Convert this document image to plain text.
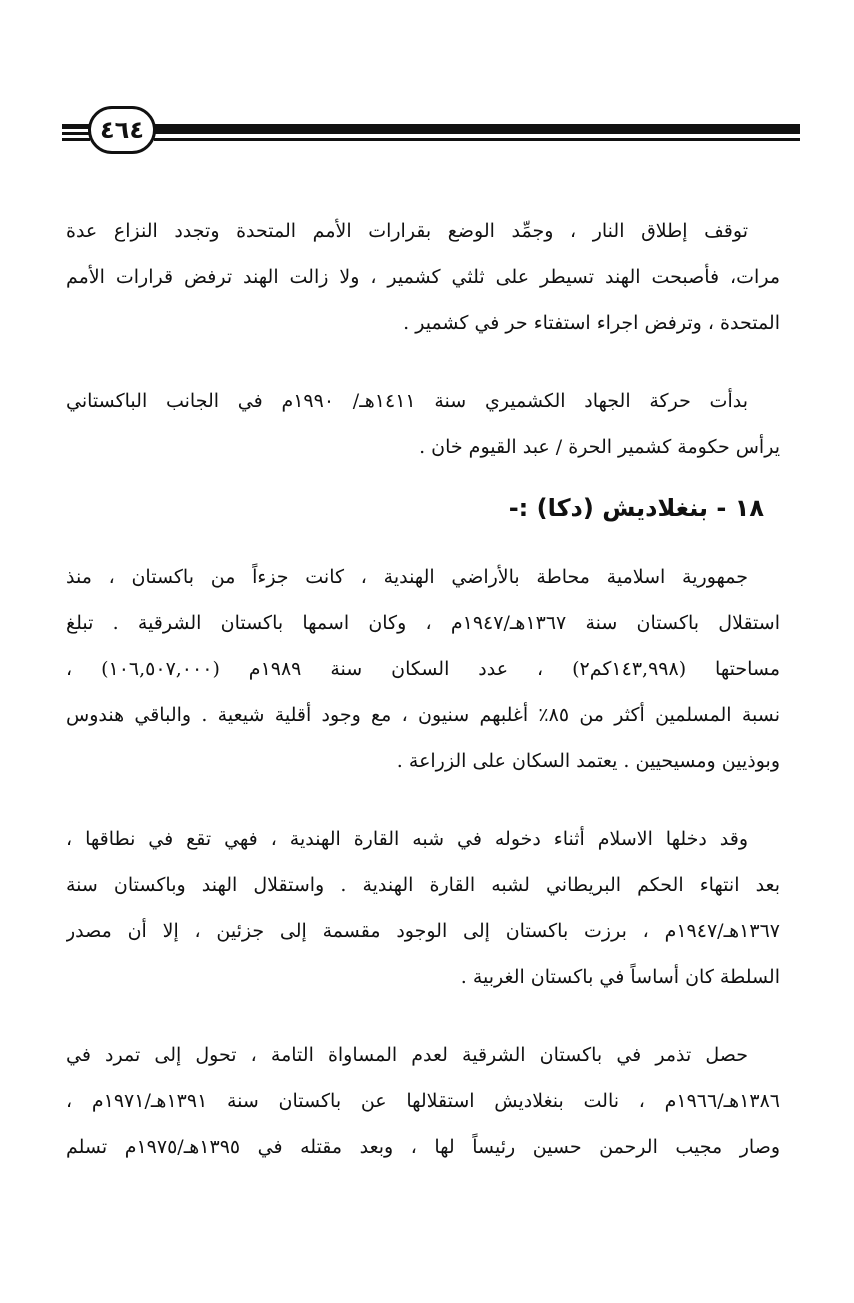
٤٦٤
توقف إطلاق النار ، وجمِّد الوضع بقرارات الأمم المتحدة وتجدد النزاع عدة
مرات، فأصبحت الهند تسيطر على ثلثي كشمير ، ولا زالت الهند ترفض قرارات الأمم
المتحدة ، وترفض اجراء استفتاء حر في كشمير .
بدأت حركة الجهاد الكشميري سنة ١٤١١هـ/ ١٩٩٠م في الجانب الباكستاني
يرأس حكومة كشمير الحرة / عبد القيوم خان .
١٨ - بنغلاديش (دكا) :-
جمهورية اسلامية محاطة بالأراضي الهندية ، كانت جزءاً من باكستان ، منذ
استقلال باكستان سنة ١٣٦٧هـ/١٩٤٧م ، وكان اسمها باكستان الشرقية . تبلغ
مساحتها (١٤٣,٩٩٨كم٢) ، عدد السكان سنة ١٩٨٩م (١٠٦,٥٠٧,٠٠٠) ،
نسبة المسلمين أكثر من ٨٥٪ أغلبهم سنيون ، مع وجود أقلية شيعية . والباقي هندوس
وبوذيين ومسيحيين . يعتمد السكان على الزراعة .
وقد دخلها الاسلام أثناء دخوله في شبه القارة الهندية ، فهي تقع في نطاقها ،
بعد انتهاء الحكم البريطاني لشبه القارة الهندية . واستقلال الهند وباكستان سنة
١٣٦٧هـ/١٩٤٧م ، برزت باكستان إلى الوجود مقسمة إلى جزئين ، إلا أن مصدر
السلطة كان أساساً في باكستان الغربية .
حصل تذمر في باكستان الشرقية لعدم المساواة التامة ، تحول إلى تمرد في
١٣٨٦هـ/١٩٦٦م ، نالت بنغلاديش استقلالها عن باكستان سنة ١٣٩١هـ/١٩٧١م ،
وصار مجيب الرحمن حسين رئيساً لها ، وبعد مقتله في ١٣٩٥هـ/١٩٧٥م تسلم
